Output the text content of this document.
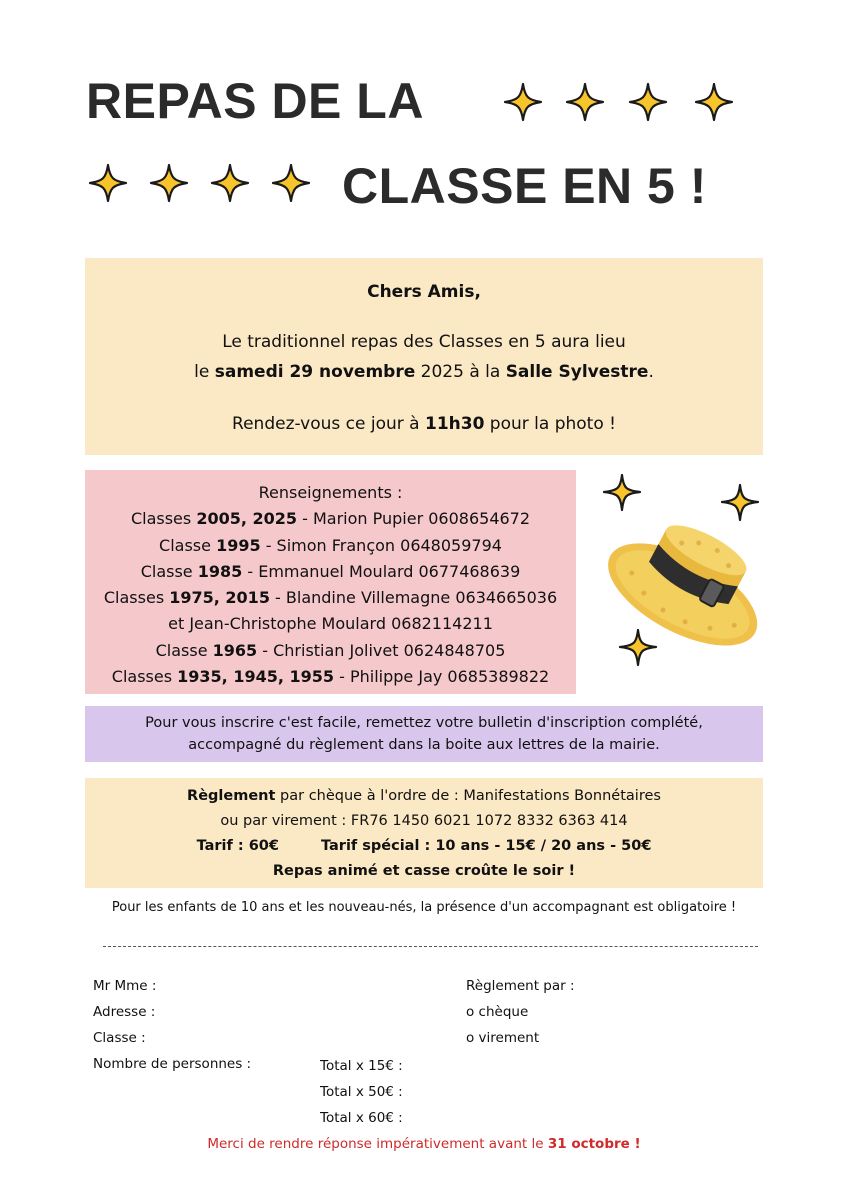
REPAS DE LA
CLASSE EN 5 !
Chers Amis,
Le traditionnel repas des Classes en 5 aura lieu
le samedi 29 novembre 2025 à la Salle Sylvestre.
Rendez-vous ce jour à 11h30 pour la photo !
Renseignements :
Classes 2005, 2025 - Marion Pupier 0608654672
Classe 1995 - Simon Françon 0648059794
Classe 1985 - Emmanuel Moulard 0677468639
Classes 1975, 2015 - Blandine Villemagne 0634665036
et Jean-Christophe Moulard 0682114211
Classe 1965 - Christian Jolivet 0624848705
Classes 1935, 1945, 1955 - Philippe Jay 0685389822
Pour vous inscrire c'est facile, remettez votre bulletin d'inscription complété,
accompagné du règlement dans la boite aux lettres de la mairie.
Règlement par chèque à l'ordre de : Manifestations Bonnétaires
ou par virement : FR76 1450 6021 1072 8332 6363 414
Tarif : 60€	Tarif spécial : 10 ans - 15€ / 20 ans - 50€
Repas animé et casse croûte le soir !
Pour les enfants de 10 ans et les nouveau-nés, la présence d'un accompagnant est obligatoire !
Mr Mme :
Adresse :
Classe :
Nombre de personnes :	Total x 15€ :
Total x 50€ :
Total x 60€ :
Règlement par :
o chèque
o virement
Merci de rendre réponse impérativement avant le 31 octobre !
